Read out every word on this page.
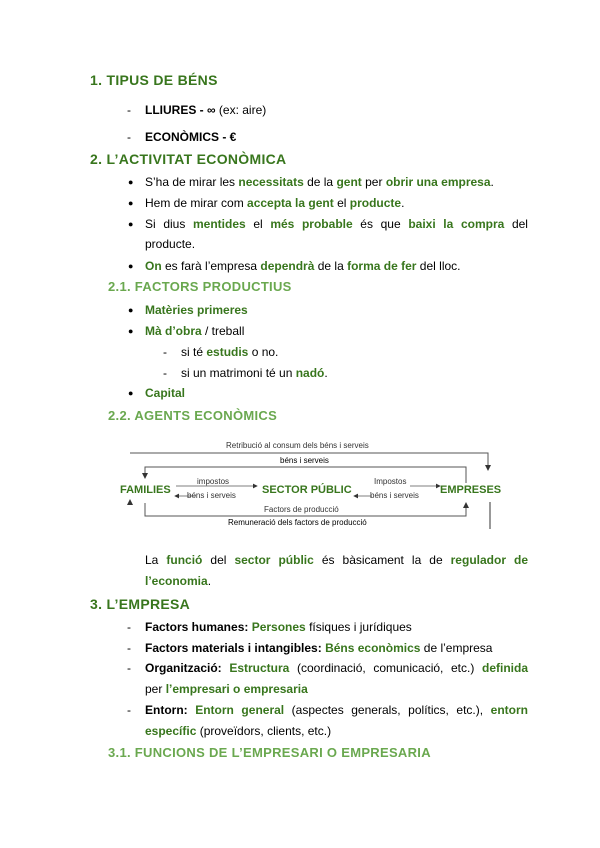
1. TIPUS DE BÉNS
LLIURES - ∞ (ex: aire)
-
ECONÒMICS - €
-
2. L’ACTIVITAT ECONÒMICA
S’ha de mirar les necessitats de la gent per obrir una empresa.
●
Hem de mirar com accepta la gent el producte.
●
Si dius mentides el més probable és que baixi la compra del
●
producte.
On es farà l’empresa dependrà de la forma de fer del lloc.
●
2.1. FACTORS PRODUCTIUS
Matèries primeres
●
Mà d’obra / treball
●
si té estudis o no.
-
si un matrimoni té un nadó.
-
Capital
●
2.2. AGENTS ECONÒMICS
La funció del sector públic és bàsicament la de regulador de
l’economia.
3. L’EMPRESA
Factors humanes: Persones físiques i jurídiques
-
Factors materials i intangibles: Béns econòmics de l’empresa
-
Organització: Estructura (coordinació, comunicació, etc.) definida
-
per l’empresari o empresaria
Entorn: Entorn general (aspectes generals, polítics, etc.), entorn
-
específic (proveïdors, clients, etc.)
3.1. FUNCIONS DE L’EMPRESARI O EMPRESARIA
Retribució al consum dels béns i serveis
béns i serveis
FAMILIES	SECTOR PÚBLIC	EMPRESES
impostos
béns i serveis
Impostos
béns i serveis
Factors de producció
Remuneració dels factors de producció
